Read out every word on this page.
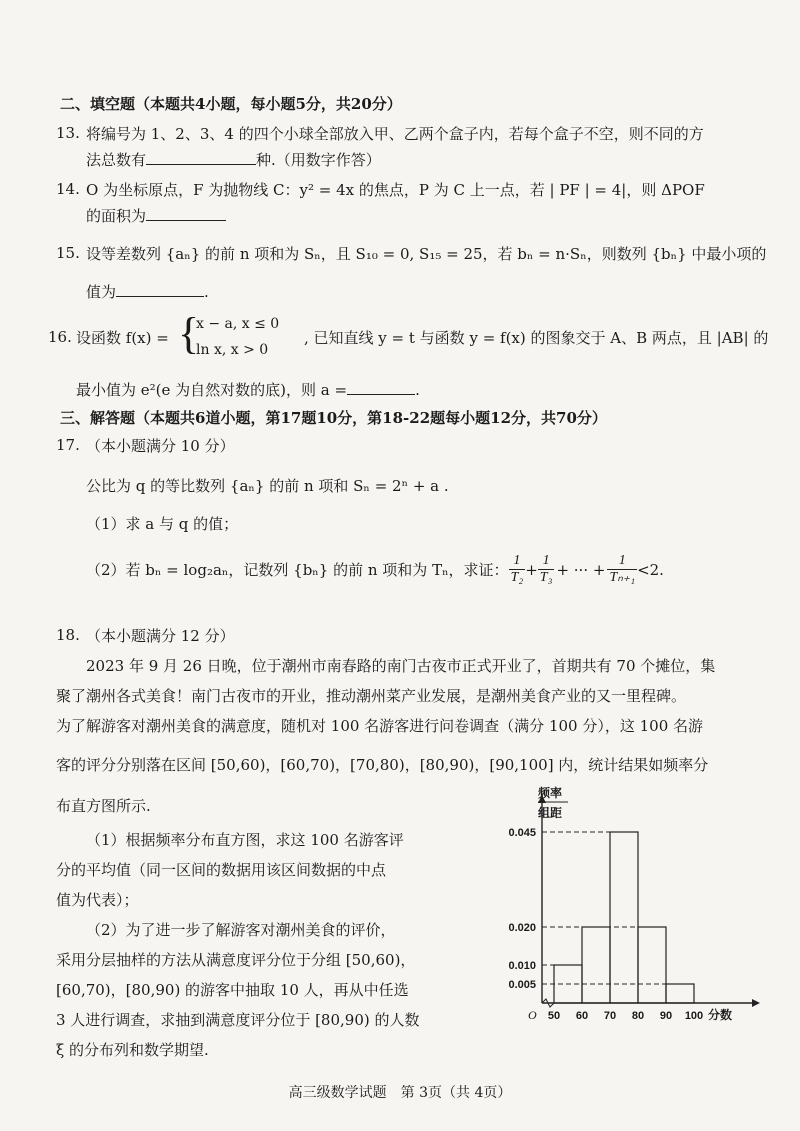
二、填空题（本题共4小题，每小题5分，共20分）
13. 将编号为 1、2、3、4 的四个小球全部放入甲、乙两个盒子内，若每个盒子不空，则不同的方
法总数有	种.（用数字作答）
14. O 为坐标原点，F 为抛物线 C：y² = 4x 的焦点，P 为 C 上一点，若 | PF | = 4|，则 ΔPOF
的面积为
15. 设等差数列 {aₙ} 的前 n 项和为 Sₙ，且 S₁₀ = 0, S₁₅ = 25，若 bₙ = n·Sₙ，则数列 {bₙ} 中最小项的
值为	.
16. 设函数 f(x) = {
x − a, x ≤ 0
ln x, x > 0
, 已知直线 y = t 与函数 y = f(x) 的图象交于 A、B 两点，且 |AB| 的
最小值为 e²(e 为自然对数的底)，则 a =	.
三、解答题（本题共6道小题，第17题10分，第18-22题每小题12分，共70分）
17. （本小题满分 10 分）
公比为 q 的等比数列 {aₙ} 的前 n 项和 Sₙ = 2ⁿ + a .
（1）求 a 与 q 的值；
（2）若 bₙ = log₂aₙ，记数列 {bₙ} 的前 n 项和为 Tₙ，求证： $\frac{1}{\text{T₂}} + \frac{1}{\text{T₃}}$ + ··· + $\frac{1}{\text{Tₙ₊₁}} <2$.
18. （本小题满分 12 分）
2023 年 9 月 26 日晚，位于潮州市南春路的南门古夜市正式开业了，首期共有 70 个摊位，集
聚了潮州各式美食！南门古夜市的开业，推动潮州菜产业发展，是潮州美食产业的又一里程碑。
为了解游客对潮州美食的满意度，随机对 100 名游客进行问卷调查（满分 100 分），这 100 名游
客的评分分别落在区间 [50,60)，[60,70)，[70,80)，[80,90)，[90,100] 内，统计结果如频率分
布直方图所示.
（1）根据频率分布直方图，求这 100 名游客评
分的平均值（同一区间的数据用该区间数据的中点
值为代表）；
（2）为了进一步了解游客对潮州美食的评价，
采用分层抽样的方法从满意度评分位于分组 [50,60)，
[60,70)，[80,90) 的游客中抽取 10 人，再从中任选
3 人进行调查，求抽到满意度评分位于 [80,90) 的人数
ξ 的分布列和数学期望.
0.005
0.010
0.020
0.045
50 60 70 80 90 100
O	分数
频率
组距
高三级数学试题　第 3页（共 4页）
